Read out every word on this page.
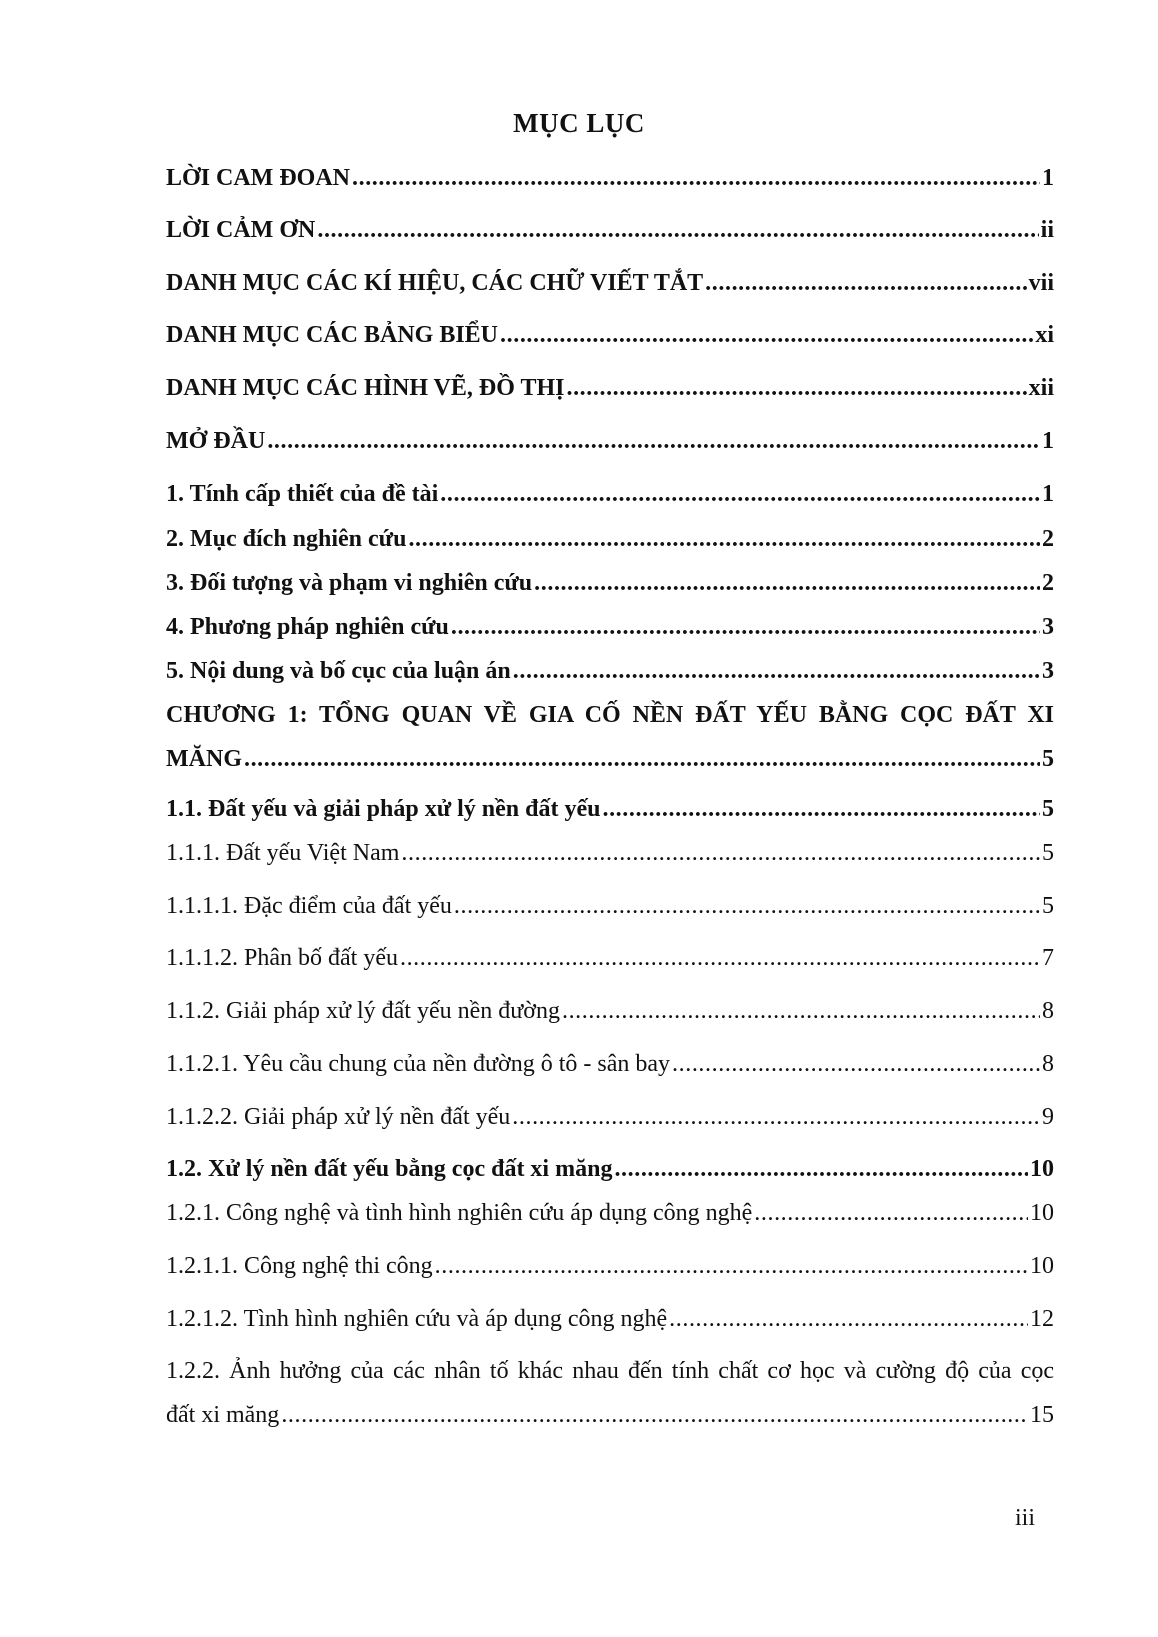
MỤC LỤC
LỜI CAM ĐOAN .....	1
LỜI CẢM ƠN .....	ii
DANH MỤC CÁC KÍ HIỆU, CÁC CHỮ VIẾT TẮT .....	vii
DANH MỤC CÁC BẢNG BIỂU .....	xi
DANH MỤC CÁC HÌNH VẼ, ĐỒ THỊ .....	xii
MỞ ĐẦU .....	1
1. Tính cấp thiết của đề tài .....	1
2. Mục đích nghiên cứu .....	2
3. Đối tượng và phạm vi nghiên cứu .....	2
4. Phương pháp nghiên cứu .....	3
5. Nội dung và bố cục của luận án .....	3
CHƯƠNG 1: TỔNG QUAN VỀ GIA CỐ NỀN ĐẤT YẾU BẰNG CỌC ĐẤT XI
MĂNG .....	5
1.1. Đất yếu và giải pháp xử lý nền đất yếu .....	5
1.1.1. Đất yếu Việt Nam .....	5
1.1.1.1. Đặc điểm của đất yếu .....	5
1.1.1.2. Phân bố đất yếu .....	7
1.1.2. Giải pháp xử lý đất yếu nền đường .....	8
1.1.2.1. Yêu cầu chung của nền đường ô tô - sân bay .....	8
1.1.2.2. Giải pháp xử lý nền đất yếu .....	9
1.2. Xử lý nền đất yếu bằng cọc đất xi măng .....	10
1.2.1. Công nghệ và tình hình nghiên cứu áp dụng công nghệ .....	10
1.2.1.1. Công nghệ thi công .....	10
1.2.1.2. Tình hình nghiên cứu và áp dụng công nghệ .....	12
1.2.2. Ảnh hưởng của các nhân tố khác nhau đến tính chất cơ học và cường độ của cọc
đất xi măng .....	15
iii
